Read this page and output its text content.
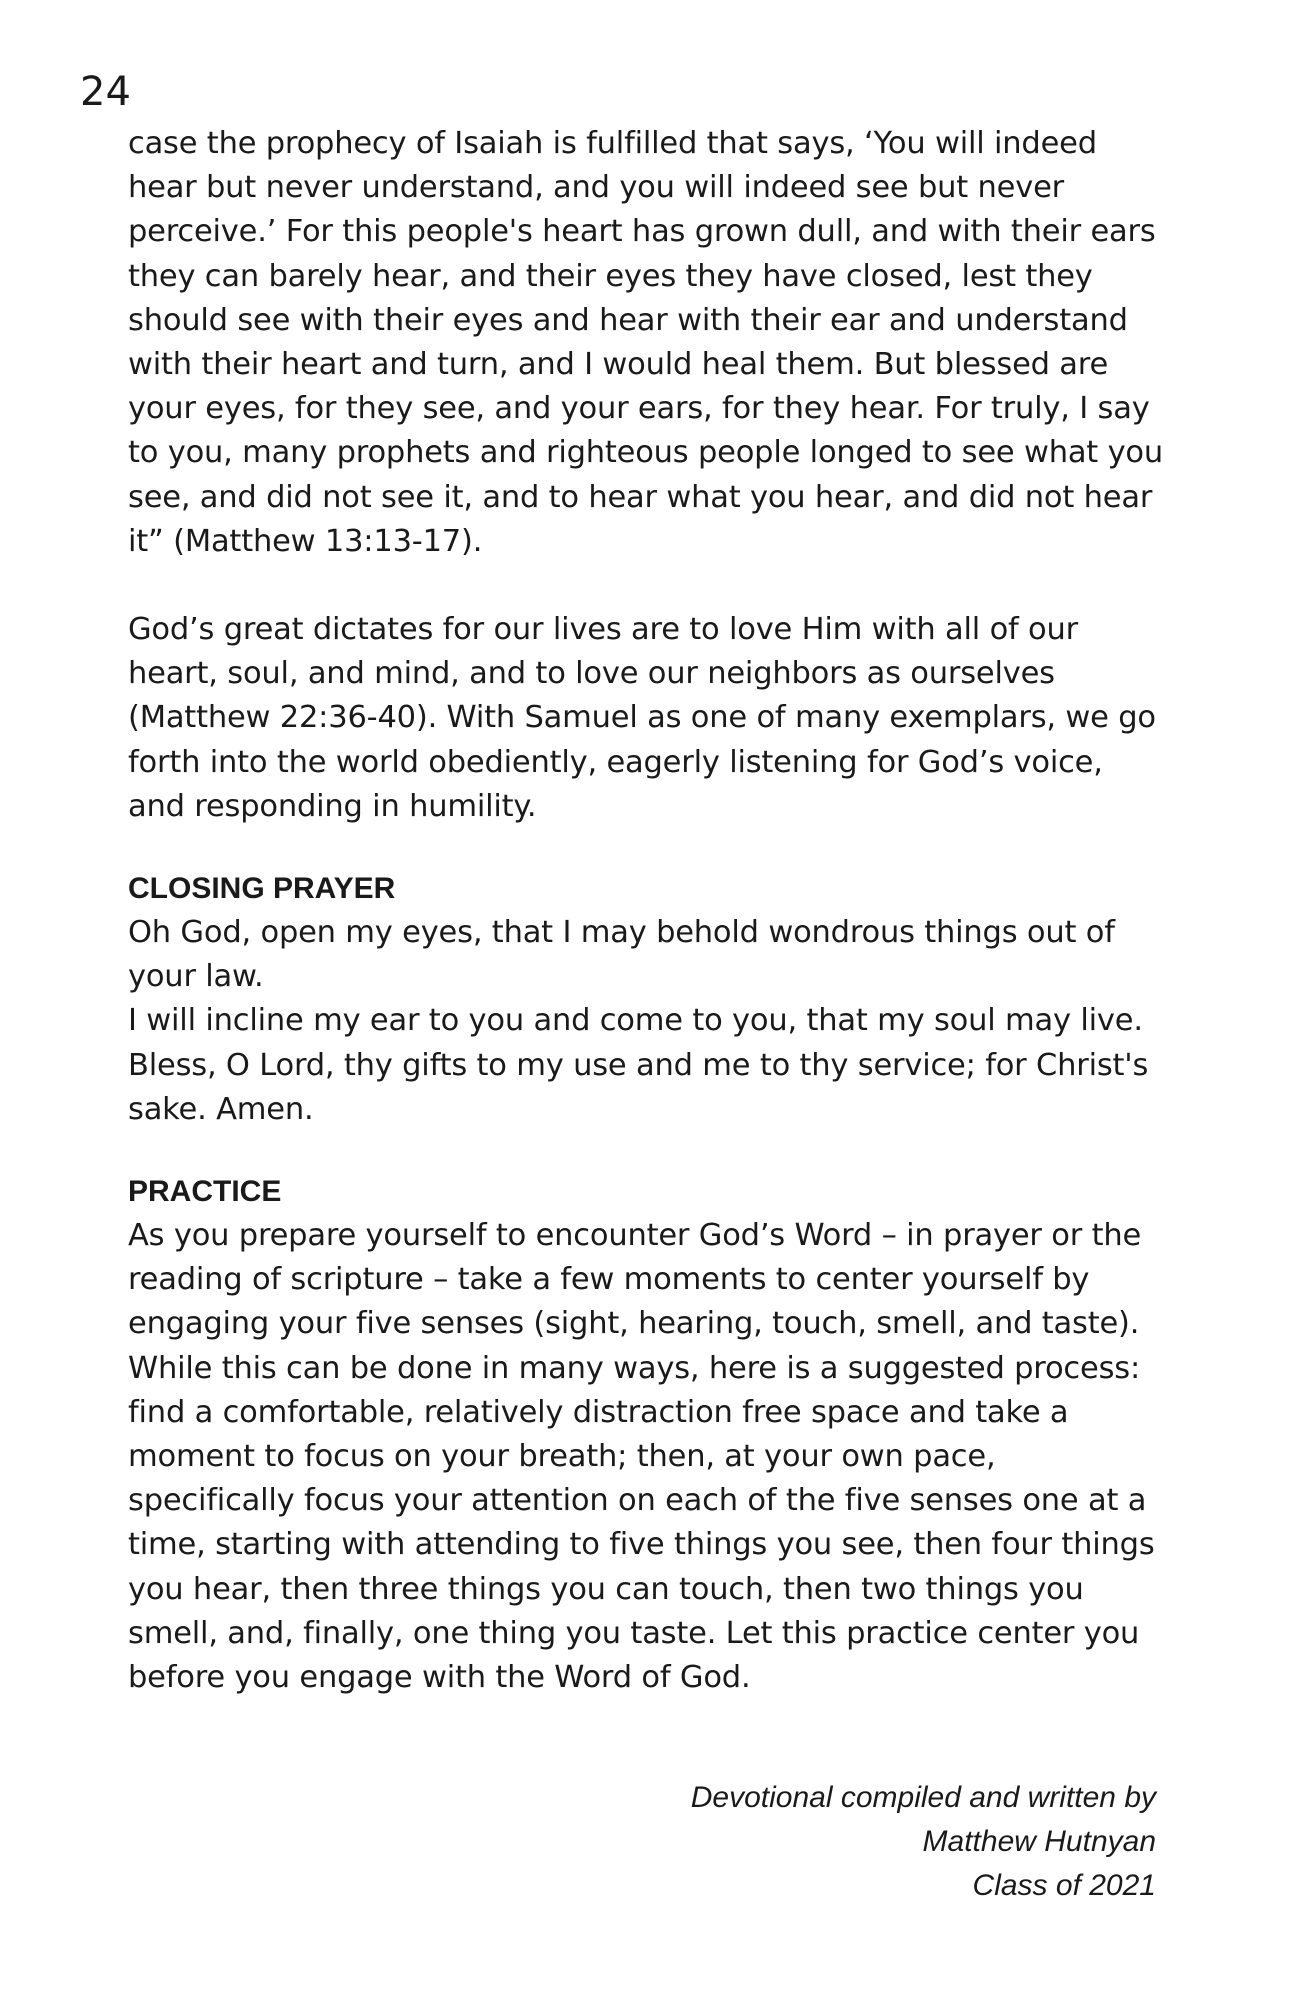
24

case the prophecy of Isaiah is fulfilled that says, ‘You will indeed hear but never understand, and you will indeed see but never perceive.’ For this people's heart has grown dull, and with their ears they can barely hear, and their eyes they have closed, lest they should see with their eyes and hear with their ear and understand with their heart and turn, and I would heal them. But blessed are your eyes, for they see, and your ears, for they hear. For truly, I say to you, many prophets and righteous people longed to see what you see, and did not see it, and to hear what you hear, and did not hear it” (Matthew 13:13-17).

God’s great dictates for our lives are to love Him with all of our heart, soul, and mind, and to love our neighbors as ourselves (Matthew 22:36-40). With Samuel as one of many exemplars, we go forth into the world obediently, eagerly listening for God’s voice, and responding in humility.

CLOSING PRAYER

Oh God, open my eyes, that I may behold wondrous things out of your law.

I will incline my ear to you and come to you, that my soul may live.

Bless, O Lord, thy gifts to my use and me to thy service; for Christ's sake. Amen.

PRACTICE

As you prepare yourself to encounter God’s Word – in prayer or the reading of scripture – take a few moments to center yourself by engaging your five senses (sight, hearing, touch, smell, and taste). While this can be done in many ways, here is a suggested process: find a comfortable, relatively distraction free space and take a moment to focus on your breath; then, at your own pace, specifically focus your attention on each of the five senses one at a time, starting with attending to five things you see, then four things you hear, then three things you can touch, then two things you smell, and, finally, one thing you taste. Let this practice center you before you engage with the Word of God.

Devotional compiled and written by
Matthew Hutnyan
Class of 2021
